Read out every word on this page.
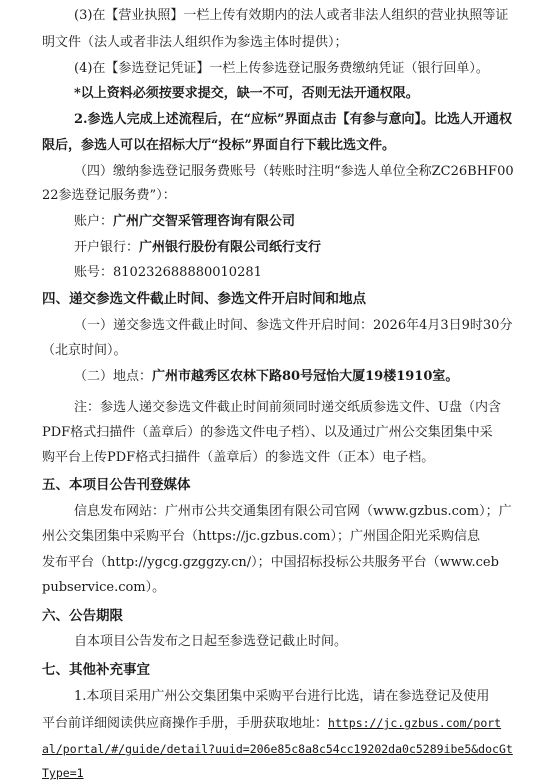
(3)在【营业执照】一栏上传有效期内的法人或者非法人组织的营业执照等证
明文件（法人或者非法人组织作为参选主体时提供）；
(4)在【参选登记凭证】一栏上传参选登记服务费缴纳凭证（银行回单）。
*以上资料必须按要求提交，缺一不可，否则无法开通权限。
2.参选人完成上述流程后，在“应标”界面点击【有参与意向】。比选人开通权
限后，参选人可以在招标大厅“投标”界面自行下载比选文件。
（四）缴纳参选登记服务费账号（转账时注明“参选人单位全称ZC26BHF00
22参选登记服务费”）：
账户：广州广交智采管理咨询有限公司
开户银行：广州银行股份有限公司纸行支行
账号：810232688880010281
四、递交参选文件截止时间、参选文件开启时间和地点
（一）递交参选文件截止时间、参选文件开启时间：2026年4月3日9时30分
（北京时间）。
（二）地点：广州市越秀区农林下路80号冠怡大厦19楼1910室。
注：参选人递交参选文件截止时间前须同时递交纸质参选文件、U盘（内含
PDF格式扫描件（盖章后）的参选文件电子档）、以及通过广州公交集团集中采
购平台上传PDF格式扫描件（盖章后）的参选文件（正本）电子档。
五、本项目公告刊登媒体
信息发布网站：广州市公共交通集团有限公司官网（www.gzbus.com）；广
州公交集团集中采购平台（https://jc.gzbus.com）；广州国企阳光采购信息
发布平台（http://ygcg.gzggzy.cn/）；中国招标投标公共服务平台（www.ceb
pubservice.com）。
六、公告期限
自本项目公告发布之日起至参选登记截止时间。
七、其他补充事宜
1.本项目采用广州公交集团集中采购平台进行比选，请在参选登记及使用
平台前详细阅读供应商操作手册，手册获取地址：https://jc.gzbus.com/port
al/portal/#/guide/detail?uuid=206e85c8a8c54cc19202da0c5289ibe5&docGt
Type=1
